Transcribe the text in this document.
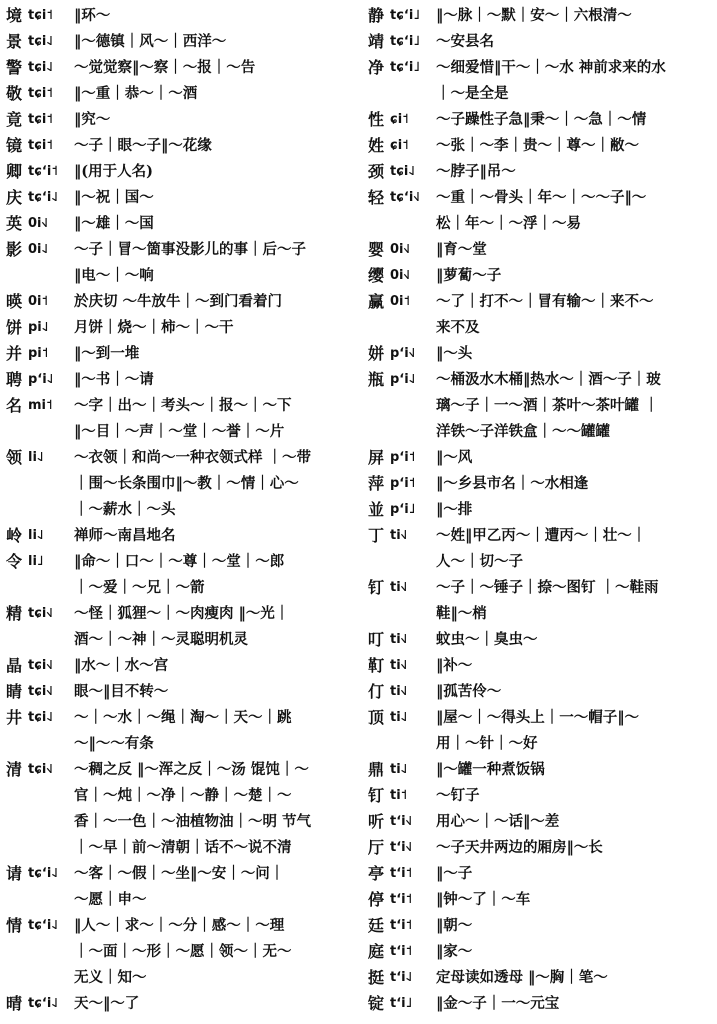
境 tɕi˦	‖环～
景 tɕi˨˩	‖～德镇｜风～｜西洋～
警 tɕi˨˩	～觉觉察‖～察｜～报｜～告
敬 tɕi˦	‖～重｜恭～｜～酒
竟 tɕi˦	‖究～
镜 tɕi˦	～子｜眼～子‖～花缘
卿 tɕʻi˦	‖(用于人名)
庆 tɕʻi˨˩	‖～祝｜国～
英 0i˧˩	‖～雄｜～国
影 0i˨˩	～子｜冒～箇事没影儿的事｜后～子
‖电～｜～响
暎 0i˦	於庆切 ～牛放牛｜～到门看着门
饼 pi˨˩	月饼｜烧～｜柿～｜～干
并 pi˦	‖～到一堆
聘 pʻi˨˩	‖～书｜～请
名 mi˦	～字｜出～｜考头～｜报～｜～下
‖～目｜～声｜～堂｜～誉｜～片
领 li˨˩	～衣领｜和尚～一种衣领式样 ｜～带
｜围～长条围巾‖～教｜～情｜心～
｜～薪水｜～头
岭 li˨˩	禅师～南昌地名
令 li˩	‖命～｜口～｜～尊｜～堂｜～郎
｜～爱｜～兄｜～箭
精 tɕi˧˩	～怪｜狐狸～｜～肉瘦肉 ‖～光｜
酒～｜～神｜～灵聪明机灵
晶 tɕi˧˩	‖水～｜水～宫
睛 tɕi˧˩	眼～‖目不转～
井 tɕi˨˩	～｜～水｜～绳｜淘～｜天～｜跳
～‖～～有条
清 tɕi˧˩	～稠之反 ‖～浑之反｜～汤 馄饨｜～
官｜～炖｜～净｜～静｜～楚｜～
香｜～一色｜～油植物油｜～明 节气
｜～早｜前～清朝｜话不～说不清
请 tɕʻi˨˩	～客｜～假｜～坐‖～安｜～问｜
～愿｜申～
情 tɕʻi˨˩	‖人～｜求～｜～分｜感～｜～理
｜～面｜～形｜～愿｜领～｜无～
无义｜知～
晴 tɕʻi˨˩	天～‖～了
静 tɕʻi˩	‖～脉｜～默｜安～｜六根清～
靖 tɕʻi˩	～安县名
净 tɕʻi˩	～细爱惜‖干～｜～水 神前求来的水
｜～是全是
性 ɕi˦	～子躁性子急‖秉～｜～急｜～情
姓 ɕi˦	～张｜～李｜贵～｜尊～｜敝～
颈 tɕi˨˩	～脖子‖吊～
轻 tɕʻi˧˩	～重｜～骨头｜年～｜～～子‖～
松｜年～｜～浮｜～易
婴 0i˧˩	‖育～堂
缨 0i˧˩	‖萝蔔～子
赢 0i˦	～了｜打不～｜冒有输～｜来不～
来不及
姘 pʻi˧˩	‖～头
瓶 pʻi˨˩	～桶汲水木桶‖热水～｜酒～子｜玻
璃～子｜一～酒｜茶叶～茶叶罐 ｜
洋铁～子洋铁盒｜～～罐罐
屏 pʻi˦	‖～风
萍 pʻi˦	‖～乡县市名｜～水相逢
並 pʻi˩	‖～排
丁 ti˧˩	～姓‖甲乙丙～｜遭丙～｜壮～｜
人～｜切～子
钉 ti˧˩	～子｜～锤子｜捺～图钉 ｜～鞋雨
鞋‖～梢
叮 ti˧˩	蚊虫～｜臭虫～
靪 ti˧˩	‖补～
仃 ti˧˩	‖孤苦伶～
顶 ti˨˩	‖屋～｜～得头上｜一～帽子‖～
用｜～针｜～好
鼎 ti˨˩	‖～罐一种煮饭锅
钉 ti˦	～钉子
听 tʻi˧˩	用心～｜～话‖～差
厅 tʻi˧˩	～子天井两边的厢房‖～长
亭 tʻi˦	‖～子
停 tʻi˦	‖钟～了｜～车
廷 tʻi˦	‖朝～
庭 tʻi˦	‖家～
挺 tʻi˨˩	定母读如透母 ‖～胸｜笔～
锭 tʻi˩	‖金～子｜一～元宝
